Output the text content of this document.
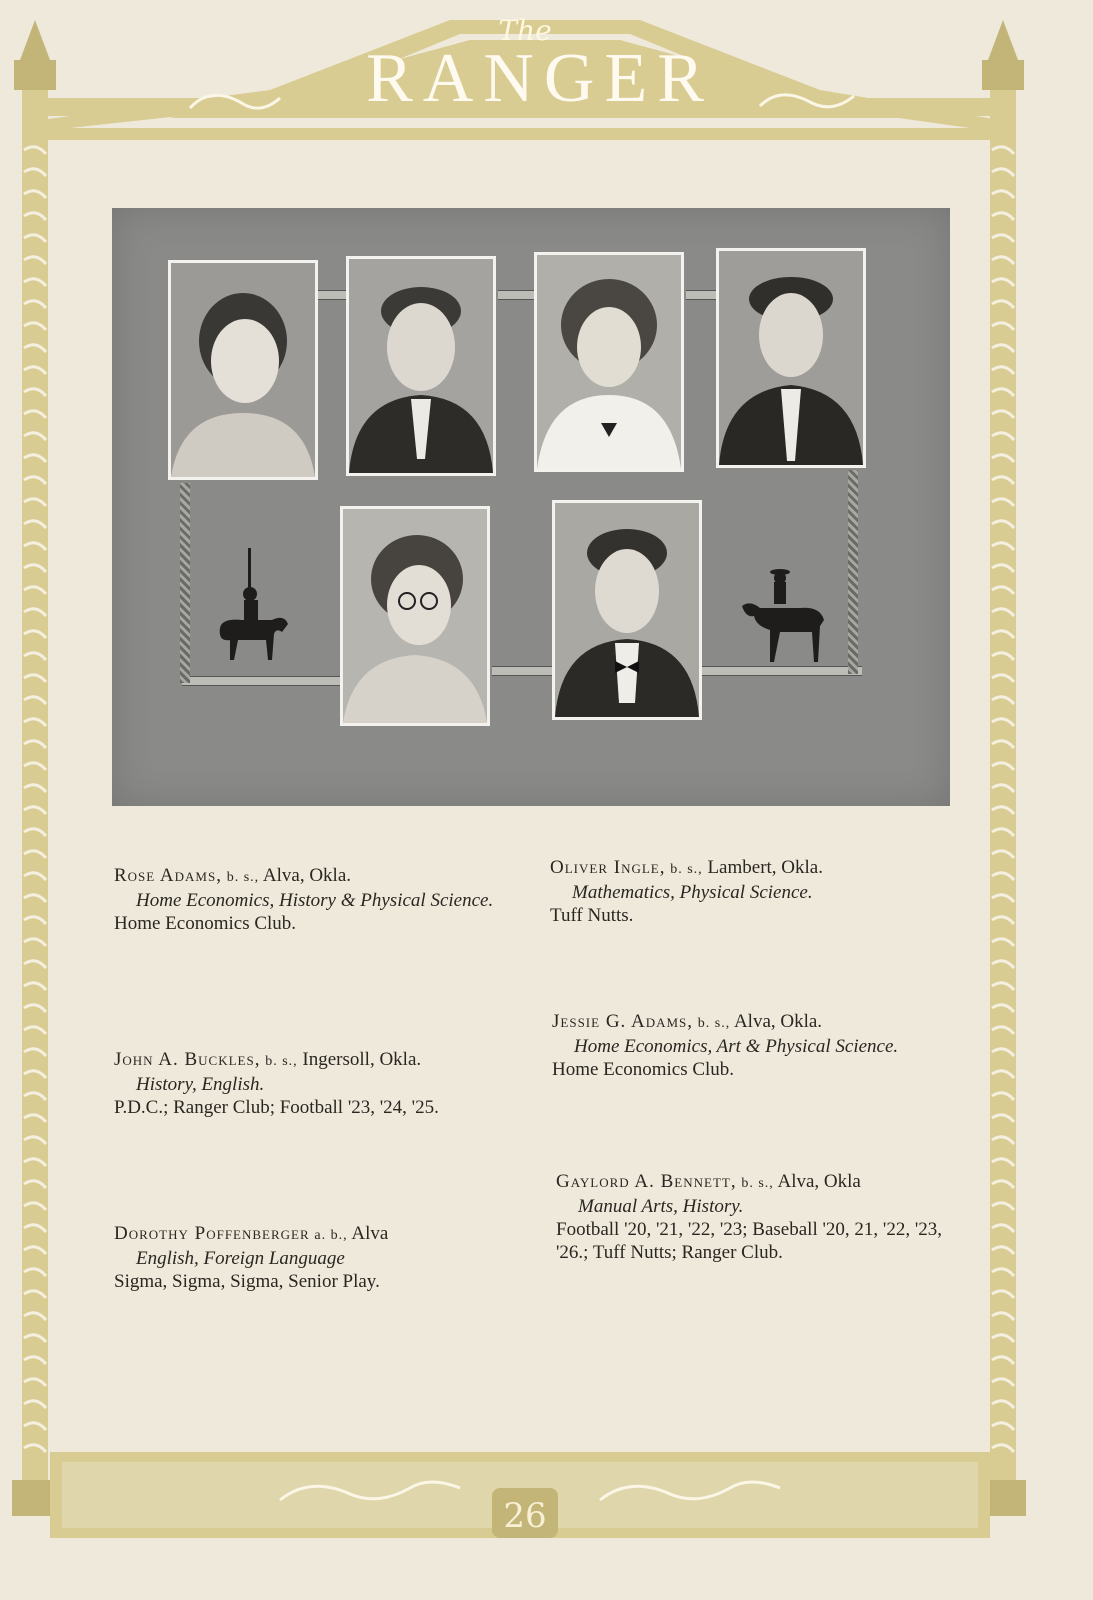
The
RANGER
26
Rose Adams, b. s., Alva, Okla.
Home Economics, History & Physical Science.
Home Economics Club.
John A. Buckles, b. s., Ingersoll, Okla.
History, English.
P.D.C.; Ranger Club; Football '23, '24, '25.
Dorothy Poffenberger a. b., Alva
English, Foreign Language
Sigma, Sigma, Sigma, Senior Play.
Oliver Ingle, b. s., Lambert, Okla.
Mathematics, Physical Science.
Tuff Nutts.
Jessie G. Adams, b. s., Alva, Okla.
Home Economics, Art & Physical Science.
Home Economics Club.
Gaylord A. Bennett, b. s., Alva, Okla
Manual Arts, History.
Football '20, '21, '22, '23; Baseball '20, 21, '22, '23, '26.; Tuff Nutts; Ranger Club.
